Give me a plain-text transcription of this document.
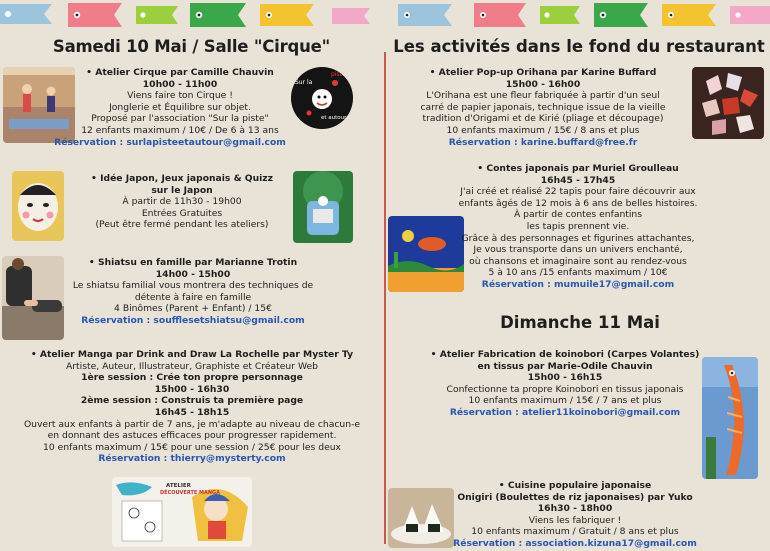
Samedi 10 Mai / Salle "Cirque"
Sur la
piste
et autour
• Atelier Cirque par Camille Chauvin
10h00 - 11h00
Viens faire ton Cirque !
Jonglerie et Équilibre sur objet.
Proposé par l'association "Sur la piste"
12 enfants maximum / 10€ / De 6 à 13 ans
Réservation : surlapisteetautour@gmail.com
• Idée Japon, Jeux japonais & Quizz
sur le Japon
À partir de 11h30 - 19h00
Entrées Gratuites
(Peut être fermé pendant les ateliers)
• Shiatsu en famille par Marianne Trotin
14h00 - 15h00
Le shiatsu familial vous montrera des techniques de
détente à faire en famille
4 Binômes (Parent + Enfant) / 15€
Réservation : soufflesetshiatsu@gmail.com
• Atelier Manga par Drink and Draw La Rochelle par Myster Ty
Artiste, Auteur, Illustrateur, Graphiste et Créateur Web
1ère session : Crée ton propre personnage
15h00 - 16h30
2ème session : Construis ta première page
16h45 - 18h15
Ouvert aux enfants à partir de 7 ans, je m'adapte au niveau de chacun-e
en donnant des astuces efficaces pour progresser rapidement.
10 enfants maximum / 15€ pour une session / 25€ pour les deux
Réservation : thierry@mysterty.com
ATELIER
DÉCOUVERTE MANGA
Les activités dans le fond du restaurant
• Atelier Pop-up Orihana par Karine Buffard
15h00 - 16h00
L'Orihana est une fleur fabriquée à partir d'un seul
carré de papier japonais, technique issue de la vieille
tradition d'Origami et de Kirié (pliage et découpage)
10 enfants maximum / 15€ / 8 ans et plus
Réservation : karine.buffard@free.fr
• Contes japonais par Muriel Groulleau
16h45 - 17h45
J'ai créé et réalisé 22 tapis pour faire découvrir aux
enfants âgés de 12 mois à 6 ans de belles histoires.
À partir de contes enfantins
les tapis prennent vie.
Grâce à des personnages et figurines attachantes,
Je vous transporte dans un univers enchanté,
où chansons et imaginaire sont au rendez-vous
5 à 10 ans /15 enfants maximum / 10€
Réservation : mumuile17@gmail.com
Dimanche 11 Mai
• Atelier Fabrication de koinobori (Carpes Volantes)
en tissus par Marie-Odile Chauvin
15h00 - 16h15
Confectionne ta propre Koinobori en tissus japonais
10 enfants maximum / 15€ / 7 ans et plus
Réservation : atelier11koinobori@gmail.com
• Cuisine populaire japonaise
Onigiri (Boulettes de riz japonaises) par Yuko
16h30 - 18h00
Viens les fabriquer !
10 enfants maximum / Gratuit / 8 ans et plus
Réservation : association.kizuna17@gmail.com
